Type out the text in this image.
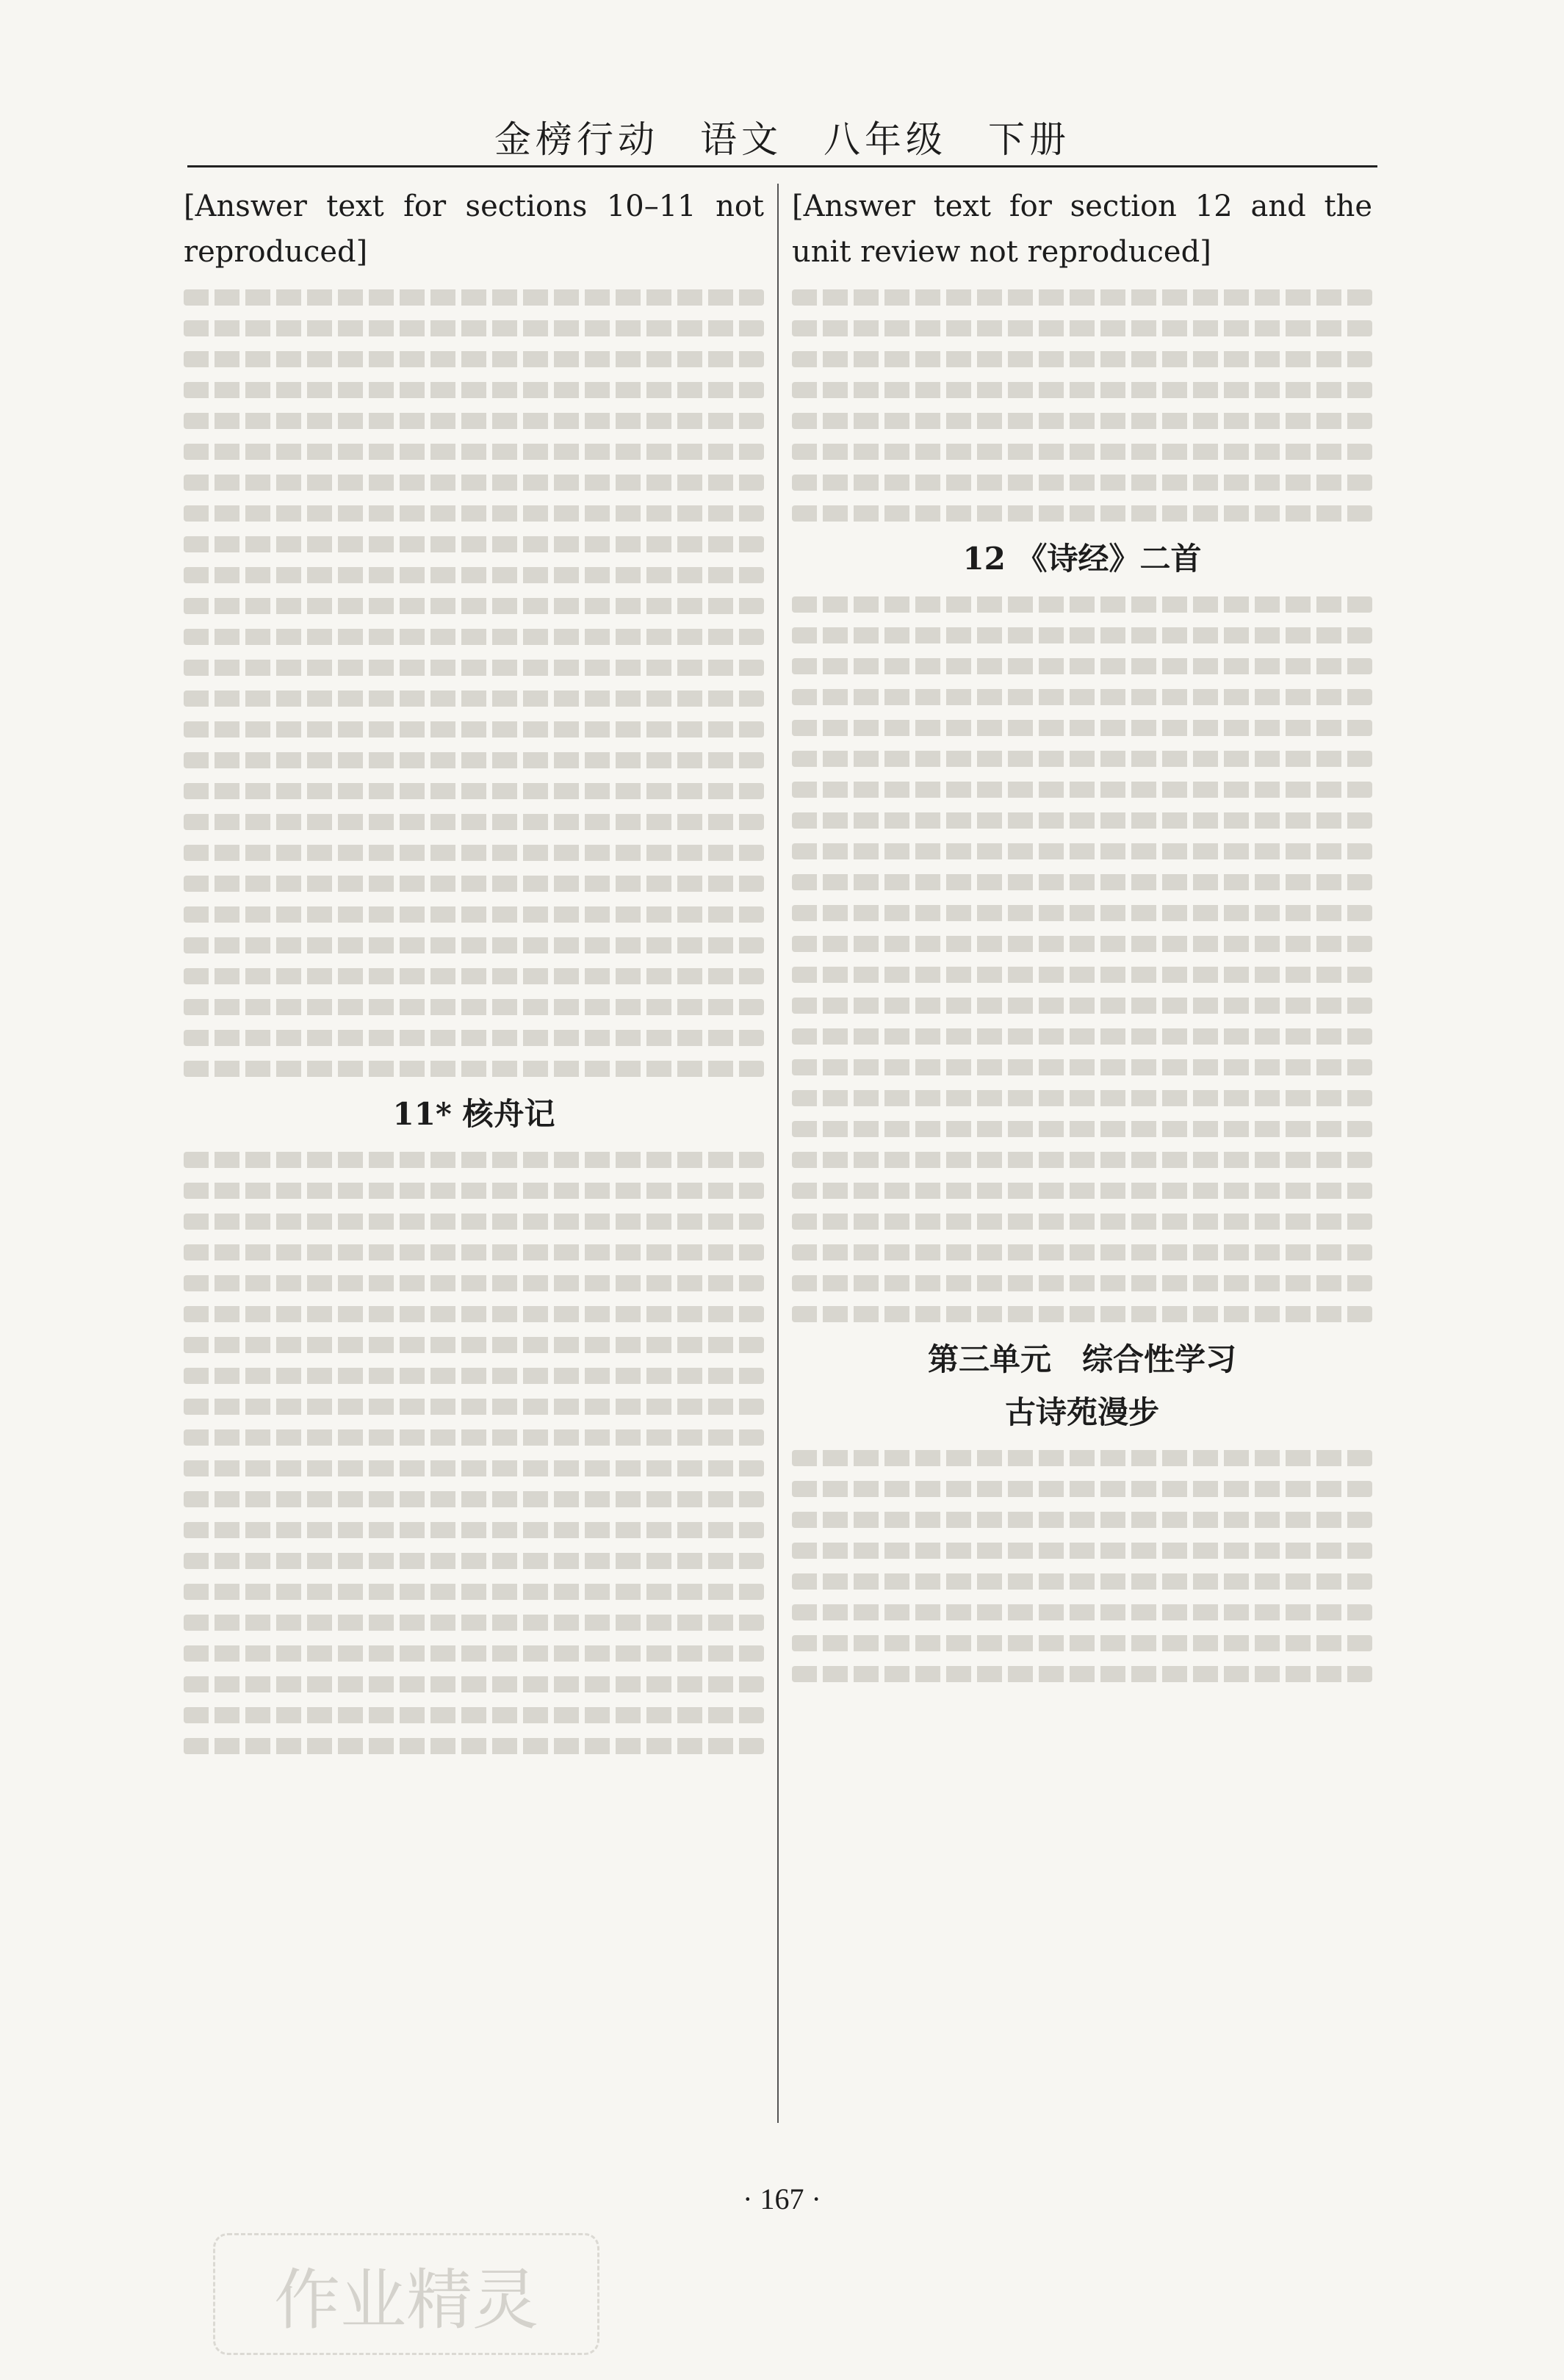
金榜行动　语文　八年级　下册

[Answer text for sections 10–11 not reproduced]

11* 核舟记

[Answer text for section 12 and the unit review not reproduced]

12 《诗经》二首
第三单元　综合性学习
古诗苑漫步
· 167 ·
作业精灵
